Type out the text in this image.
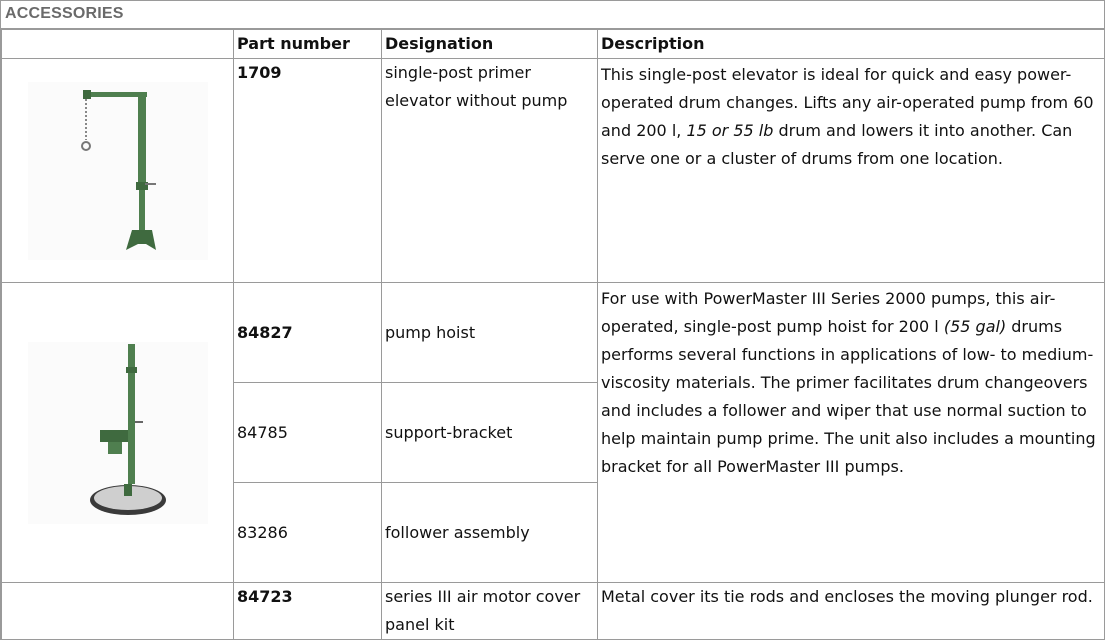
ACCESSORIES
	Part number	Designation	Description

	1709	single-post primer elevator without pump	This single-post elevator is ideal for quick and easy power-operated drum changes. Lifts any air-operated pump from 60 and 200 l, 15 or 55 lb drum and lowers it into another. Can serve one or a cluster of drums from one location.

	84827	pump hoist	For use with PowerMaster III Series 2000 pumps, this air-operated, single-post pump hoist for 200 l (55 gal) drums performs several functions in applications of low- to medium-viscosity materials. The primer facilitates drum changeovers and includes a follower and wiper that use normal suction to help maintain pump prime. The unit also includes a mounting bracket for all PowerMaster III pumps.

	84785	support-bracket	
	83286	follower assembly	
	84723	series III air motor cover panel kit	Metal cover its tie rods and encloses the moving plunger rod.
